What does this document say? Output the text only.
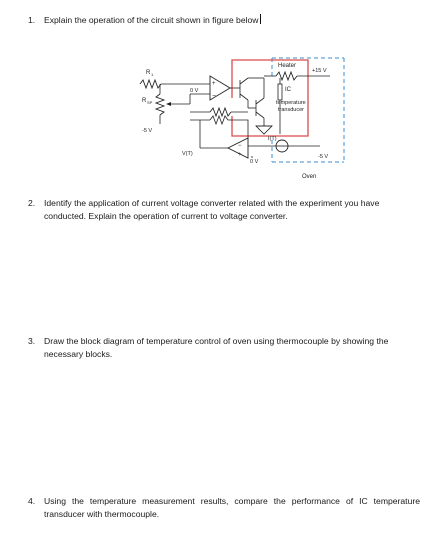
1. Explain the operation of the circuit shown in figure below
R 1
R SP
-5 V
+
−
0 V
Heater
+15 V
IC
temperature
transducer
I(T)
-5 V
−
+
V(T)
0 V
Oven
2. Identify the application of current voltage converter related with the experiment you have conducted. Explain the operation of current to voltage converter.
3. Draw the block diagram of temperature control of oven using thermocouple by showing the necessary blocks.
4. Using the temperature measurement results, compare the performance of IC temperature transducer with thermocouple.
